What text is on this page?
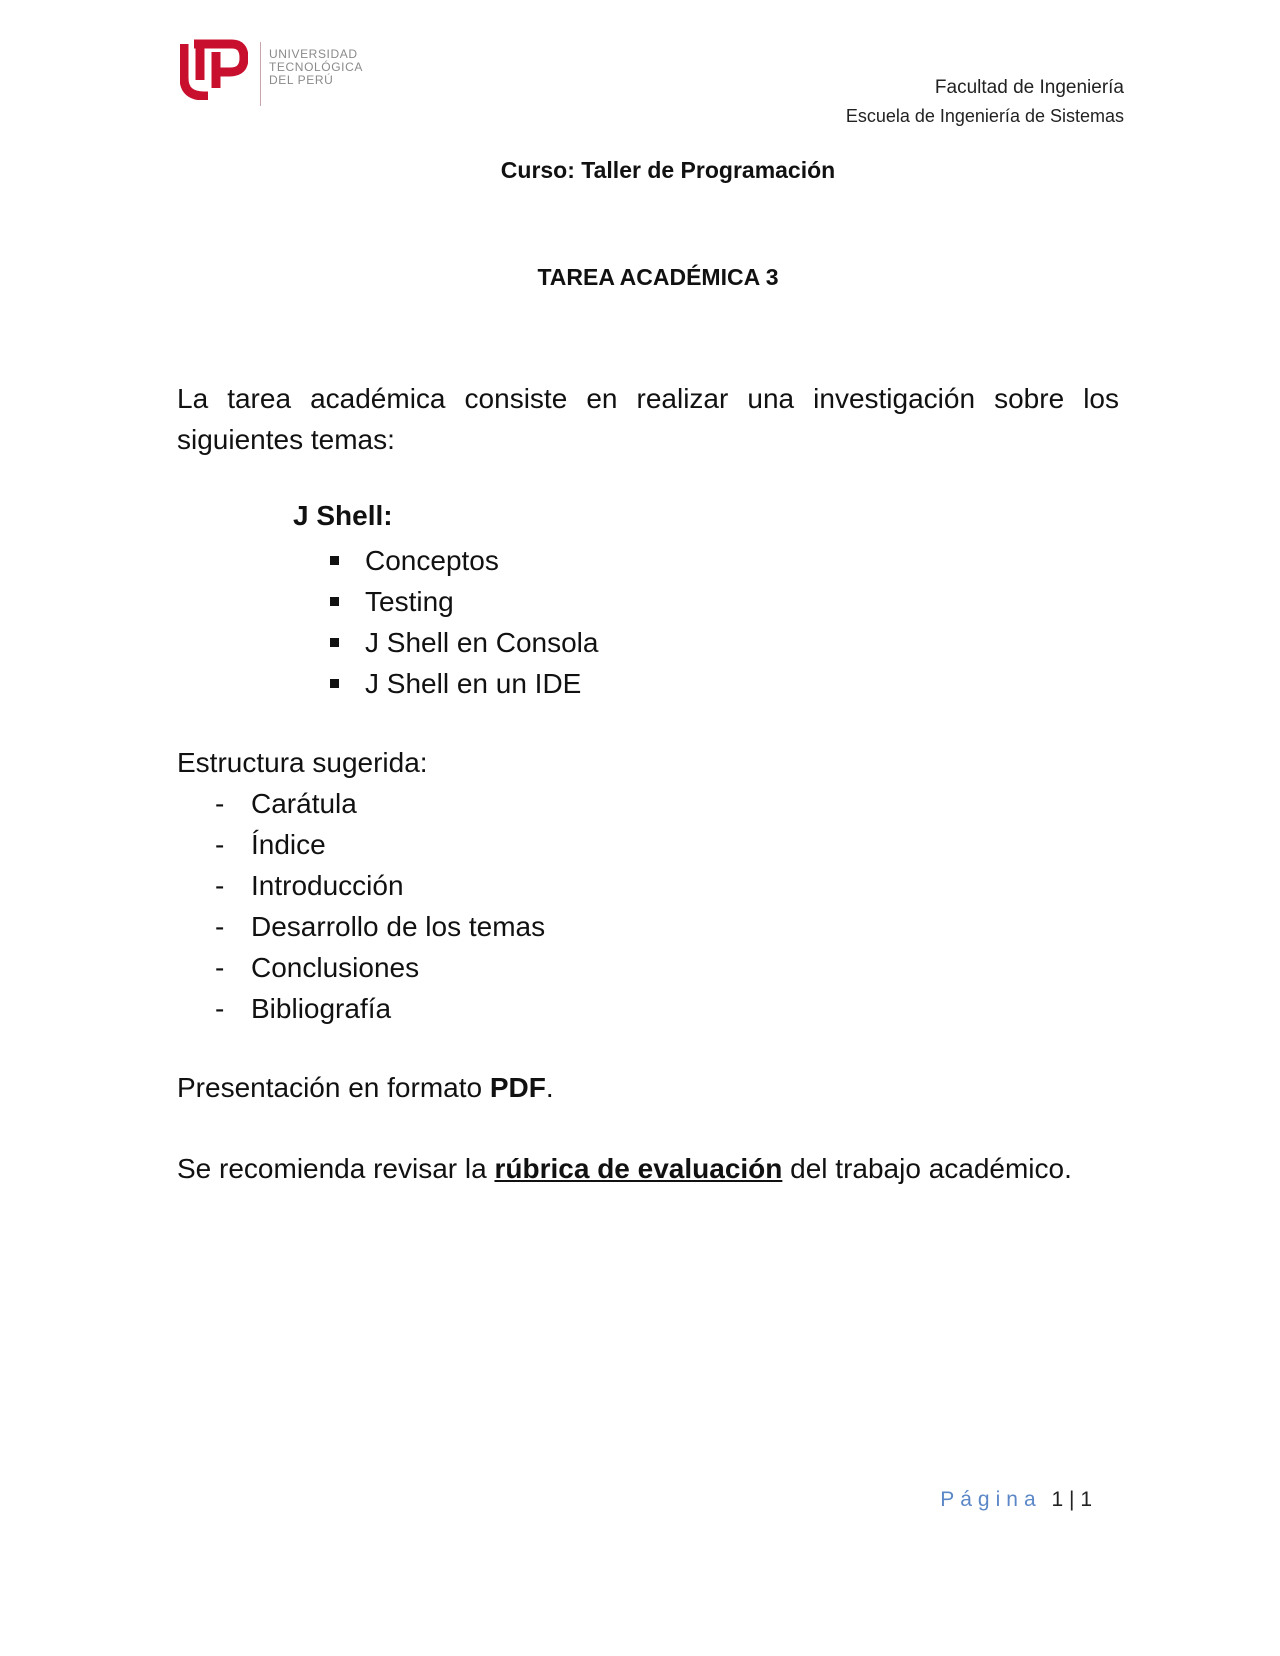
UNIVERSIDAD
TECNOLÓGICA
DEL PERÚ	Facultad de Ingeniería
Escuela de Ingeniería de Sistemas
Curso: Taller de Programación
TAREA ACADÉMICA 3
La tarea académica consiste en realizar una investigación sobre los siguientes temas:
J Shell:
Conceptos
Testing
J Shell en Consola
J Shell en un IDE
Estructura sugerida:
- Carátula
- Índice
- Introducción
- Desarrollo de los temas
- Conclusiones
- Bibliografía
Presentación en formato PDF.
Se recomienda revisar la rúbrica de evaluación del trabajo académico.
Página 1 | 1
